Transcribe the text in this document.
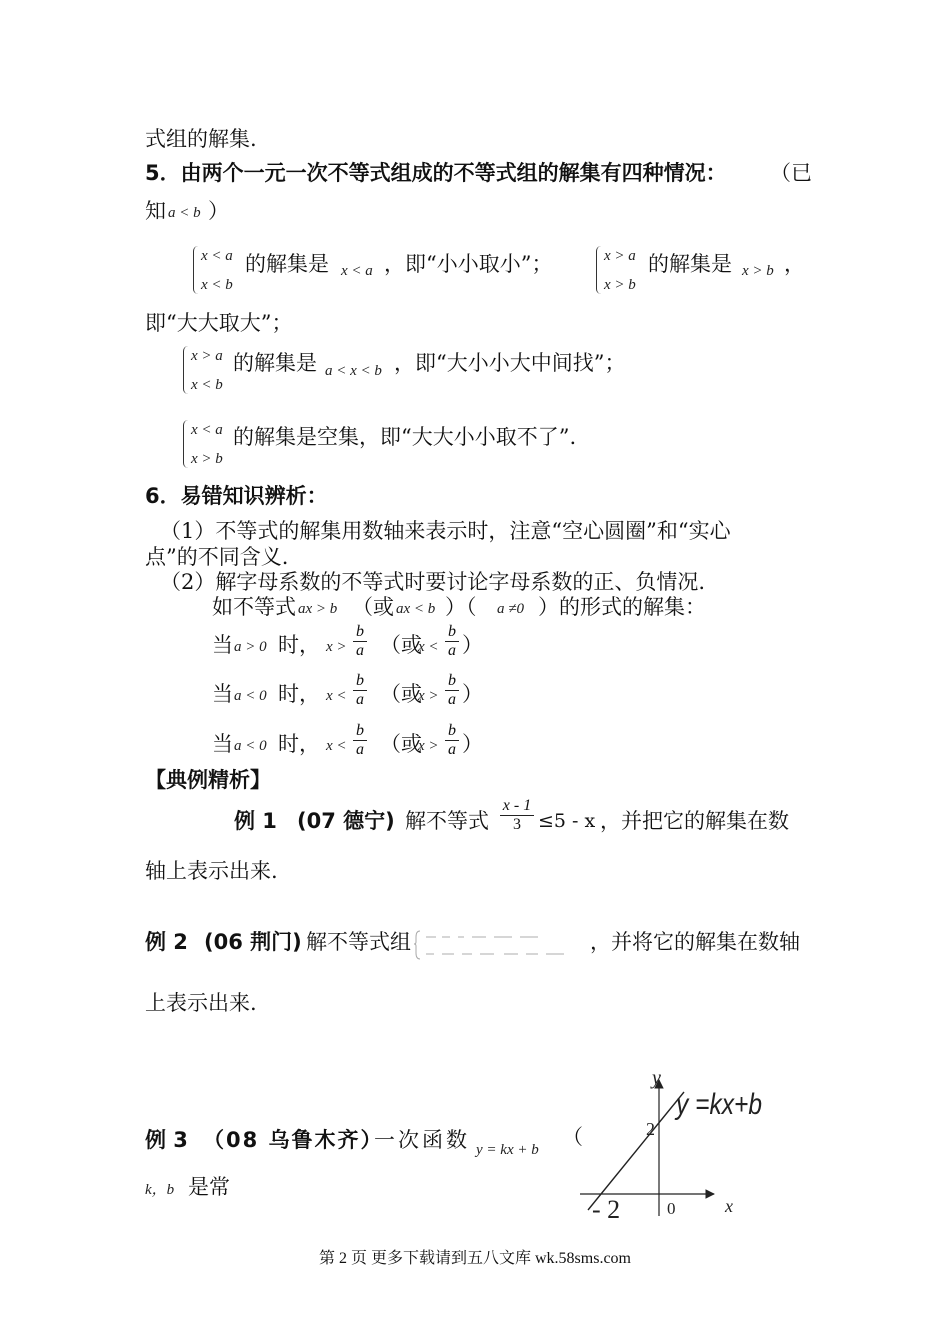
式组的解集.
5．由两个一元一次不等式组成的不等式组的解集有四种情况： （已
知 a < b ）
x < a
x < b
的解集是 x < a ，即“小小取小”；	x > a
x > b
的解集是 x > b ，
即“大大取大”；
x > a
x < b
的解集是 a < x < b ，即“大小小大中间找”；
x < a
x > b
的解集是空集，即“大大小小取不了”.
6．易错知识辨析：
（1）不等式的解集用数轴来表示时，注意“空心圆圈”和“实心
点”的不同含义.
（2）解字母系数的不等式时要讨论字母系数的正、负情况.
如不等式 ax > b （或 ax < b ）（ a ≠0 ）的形式的解集：
当 a > 0 时， $x > \frac{b}{a}$ （或
$x < \frac{b}{a}$ ）
当 a < 0 时， $x < \frac{b}{a}$ （或
$x > \frac{b}{a}$ ）
当 a < 0 时， $x < \frac{b}{a}$ （或
$x > \frac{b}{a}$ ）
【典例精析】
例 1 (07 德宁) 解不等式 $\frac{x - 1}{3} \le 5 - x$ ，并把它的解集在数
轴上表示出来.
例 2 (06 荆门) 解不等式组	，并将它的解集在数轴
上表示出来.
例 3 （08 乌鲁木齐）
一次函数 y = kx + b
（
k，b 是常
y
x
y =kx+b
2
- 2	0
第 2 页 更多下载请到五八文库 wk.58sms.com
